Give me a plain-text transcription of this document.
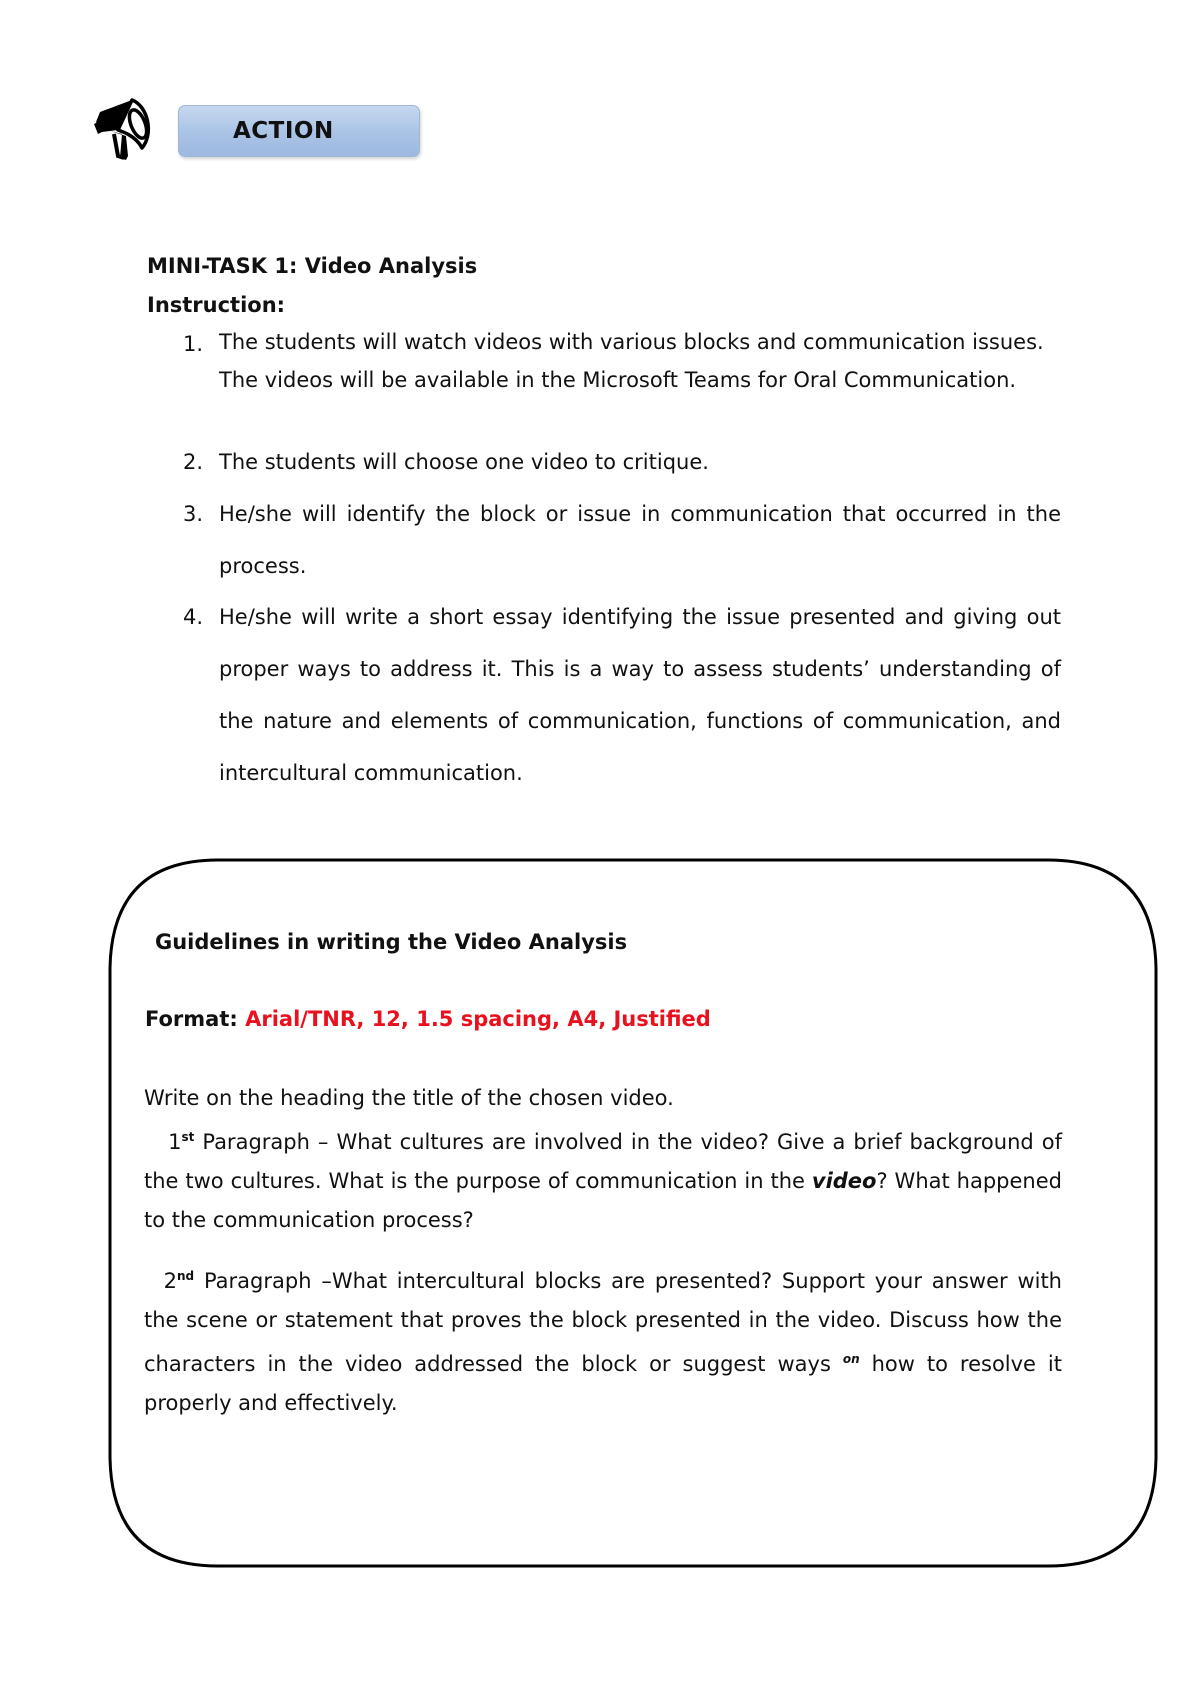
ACTION
MINI-TASK 1: Video Analysis
Instruction:
1. The students will watch videos with various blocks and communication issues. The videos will be available in the Microsoft Teams for Oral Communication.
2. The students will choose one video to critique.
3. He/she will identify the block or issue in communication that occurred in the process.
4. He/she will write a short essay identifying the issue presented and giving out proper ways to address it. This is a way to assess students’ understanding of the nature and elements of communication, functions of communication, and intercultural communication.
Guidelines in writing the Video Analysis
Format: Arial/TNR, 12, 1.5 spacing, A4, Justified
Write on the heading the title of the chosen video.
1st Paragraph – What cultures are involved in the video? Give a brief background of the two cultures. What is the purpose of communication in the video? What happened to the communication process?
2nd Paragraph –What intercultural blocks are presented? Support your answer with the scene or statement that proves the block presented in the video. Discuss how the characters in the video addressed the block or suggest ways $^{on}$ how to resolve it properly and effectively.
